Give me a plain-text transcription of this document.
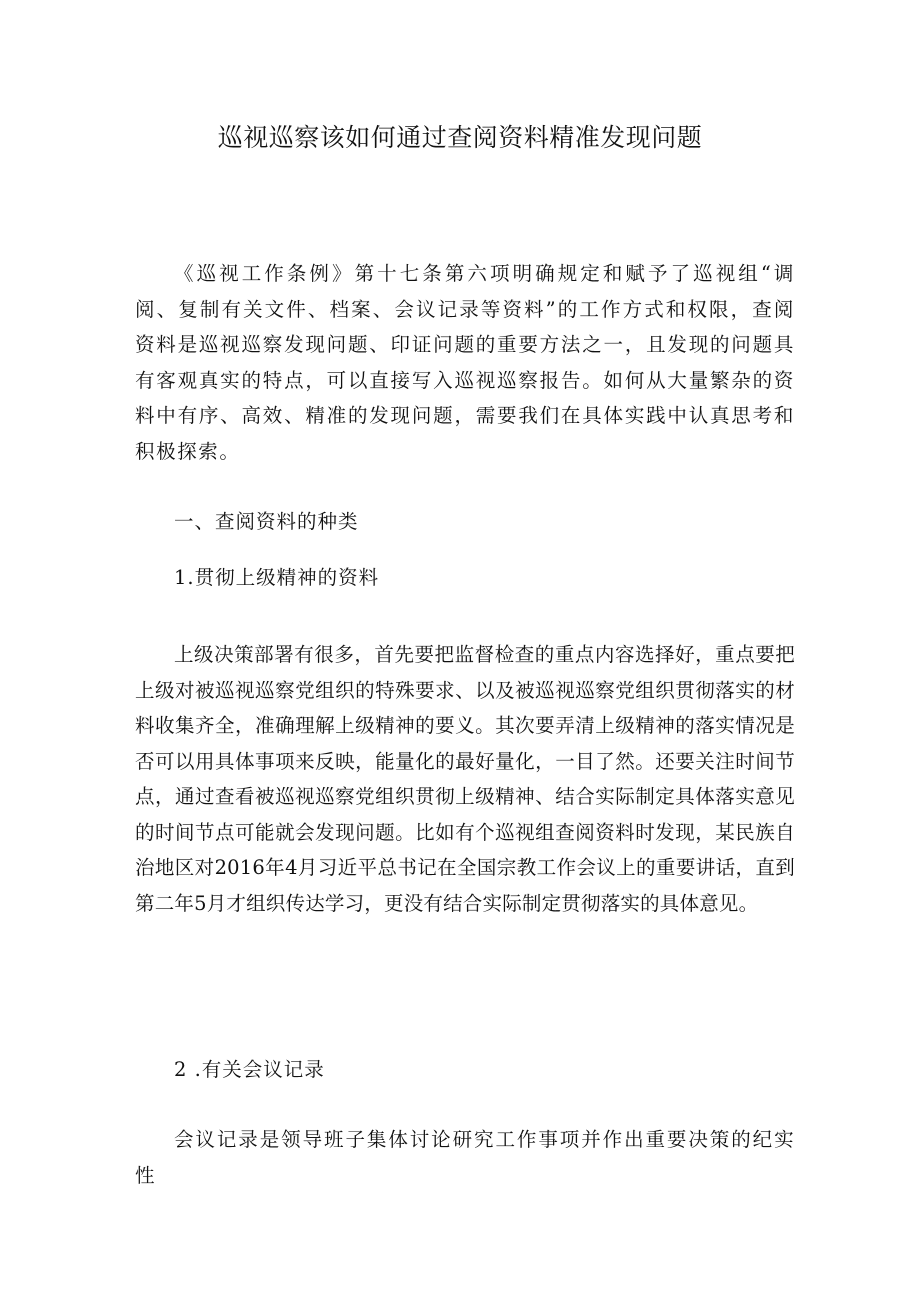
巡视巡察该如何通过查阅资料精准发现问题

《巡视工作条例》第十七条第六项明确规定和赋予了巡视组“调阅、复制有关文件、档案、会议记录等资料”的工作方式和权限，查阅资料是巡视巡察发现问题、印证问题的重要方法之一，且发现的问题具有客观真实的特点，可以直接写入巡视巡察报告。如何从大量繁杂的资料中有序、高效、精准的发现问题，需要我们在具体实践中认真思考和积极探索。

一、查阅资料的种类

1.贯彻上级精神的资料

上级决策部署有很多，首先要把监督检查的重点内容选择好，重点要把上级对被巡视巡察党组织的特殊要求、以及被巡视巡察党组织贯彻落实的材料收集齐全，准确理解上级精神的要义。其次要弄清上级精神的落实情况是否可以用具体事项来反映，能量化的最好量化，一目了然。还要关注时间节点，通过查看被巡视巡察党组织贯彻上级精神、结合实际制定具体落实意见的时间节点可能就会发现问题。比如有个巡视组查阅资料时发现，某民族自治地区对2016年4月习近平总书记在全国宗教工作会议上的重要讲话，直到第二年5月才组织传达学习，更没有结合实际制定贯彻落实的具体意见。

2 .有关会议记录

会议记录是领导班子集体讨论研究工作事项并作出重要决策的纪实性
